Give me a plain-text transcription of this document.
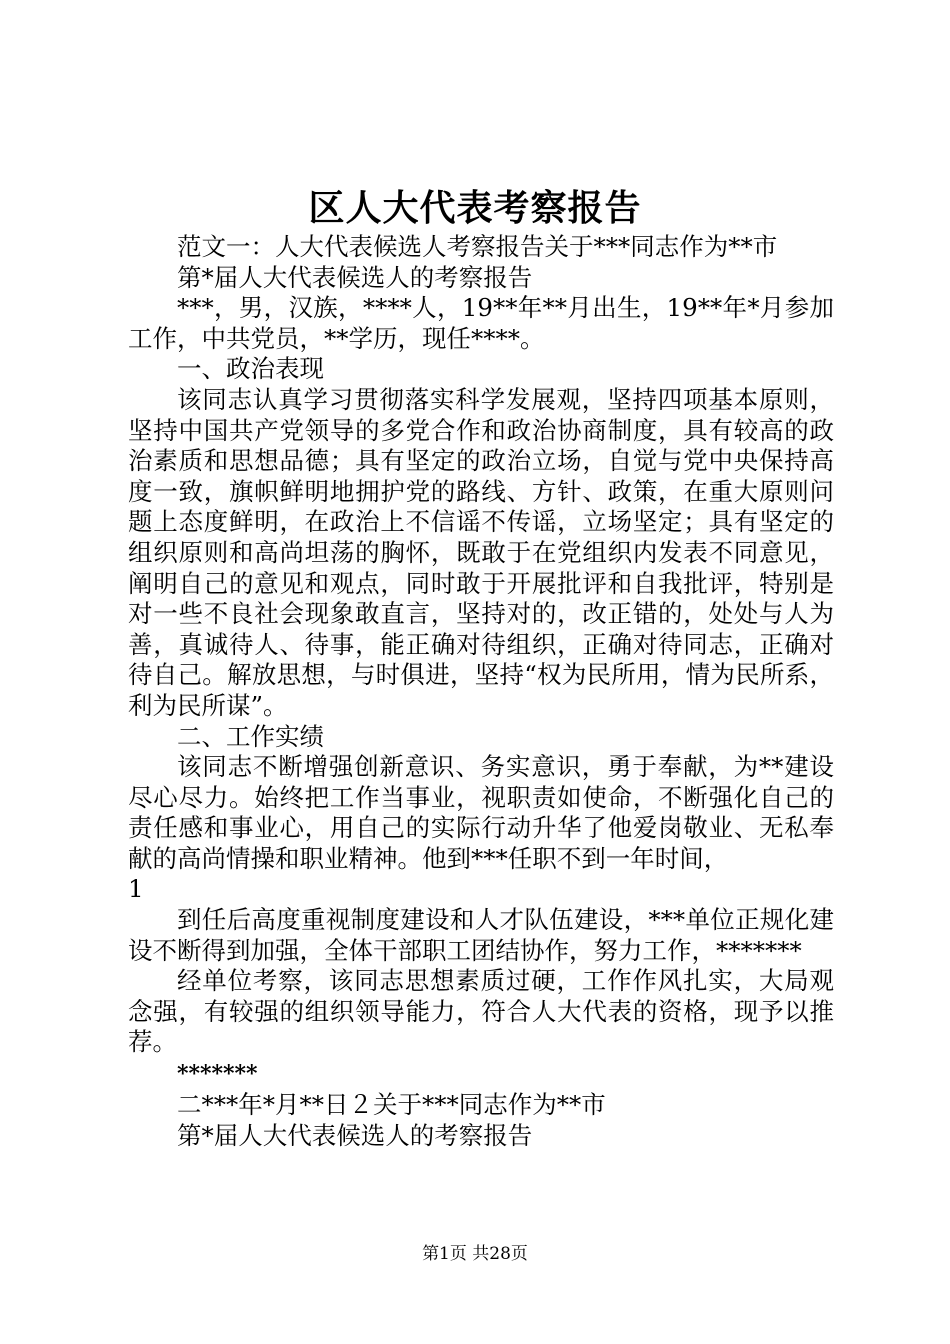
区人大代表考察报告

范文一：人大代表候选人考察报告关于***同志作为**市

第*届人大代表候选人的考察报告

***，男，汉族，****人，19**年**月出生，19**年*月参加工作，中共党员，**学历，现任****。

一、政治表现

该同志认真学习贯彻落实科学发展观，坚持四项基本原则，坚持中国共产党领导的多党合作和政治协商制度，具有较高的政治素质和思想品德；具有坚定的政治立场，自觉与党中央保持高度一致，旗帜鲜明地拥护党的路线、方针、政策，在重大原则问题上态度鲜明，在政治上不信谣不传谣，立场坚定；具有坚定的组织原则和高尚坦荡的胸怀，既敢于在党组织内发表不同意见，阐明自己的意见和观点，同时敢于开展批评和自我批评，特别是对一些不良社会现象敢直言，坚持对的，改正错的，处处与人为善，真诚待人、待事，能正确对待组织，正确对待同志，正确对待自己。解放思想，与时俱进，坚持“权为民所用，情为民所系，利为民所谋”。

二、工作实绩

该同志不断增强创新意识、务实意识，勇于奉献，为**建设尽心尽力。始终把工作当事业，视职责如使命，不断强化自己的责任感和事业心，用自己的实际行动升华了他爱岗敬业、无私奉献的高尚情操和职业精神。他到***任职不到一年时间，

1

到任后高度重视制度建设和人才队伍建设，***单位正规化建设不断得到加强，全体干部职工团结协作，努力工作，*******

经单位考察，该同志思想素质过硬，工作作风扎实，大局观念强，有较强的组织领导能力，符合人大代表的资格，现予以推荐。

*******

二***年*月**日２关于***同志作为**市

第*届人大代表候选人的考察报告

第1页 共28页
